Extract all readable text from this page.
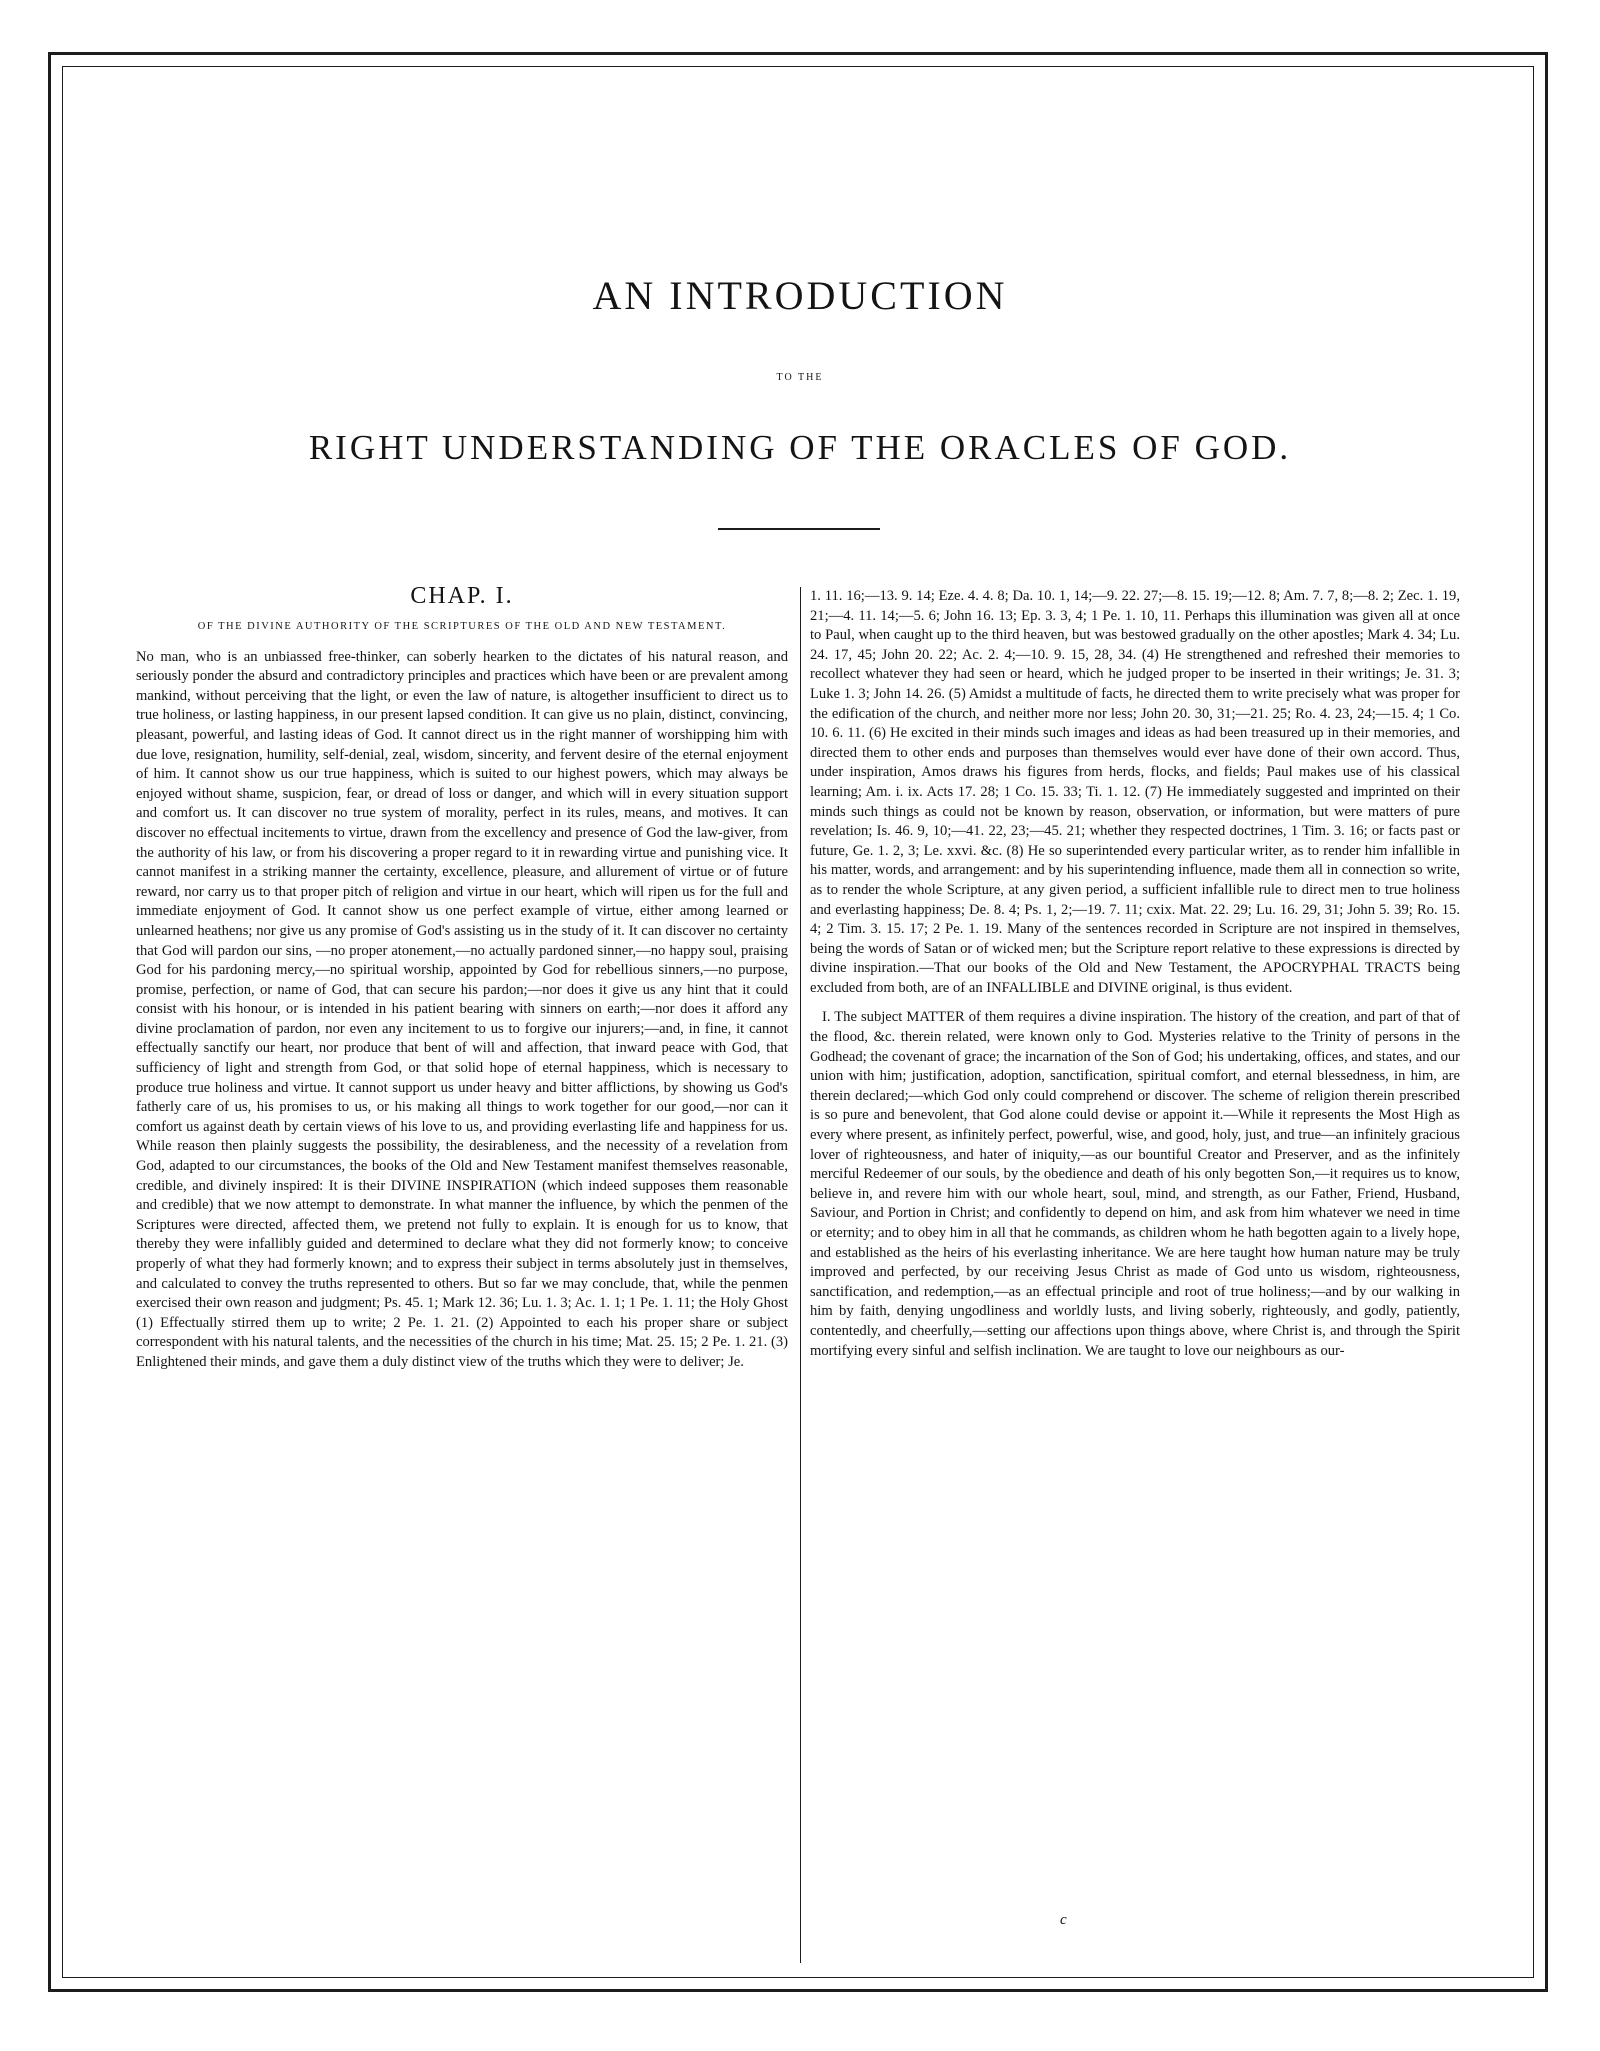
AN INTRODUCTION
TO THE
RIGHT UNDERSTANDING OF THE ORACLES OF GOD.
CHAP. I.
OF THE DIVINE AUTHORITY OF THE SCRIPTURES OF THE OLD AND NEW TESTAMENT.

No man, who is an unbiassed free-thinker, can soberly hearken to the dictates of his natural reason, and seriously ponder the absurd and contradictory principles and practices which have been or are prevalent among mankind, without perceiving that the light, or even the law of nature, is altogether insufficient to direct us to true holiness, or lasting happiness, in our present lapsed condition. It can give us no plain, distinct, convincing, pleasant, powerful, and lasting ideas of God. It cannot direct us in the right manner of worshipping him with due love, resignation, humility, self-denial, zeal, wisdom, sincerity, and fervent desire of the eternal enjoyment of him. It cannot show us our true happiness, which is suited to our highest powers, which may always be enjoyed without shame, suspicion, fear, or dread of loss or danger, and which will in every situation support and comfort us. It can discover no true system of morality, perfect in its rules, means, and motives. It can discover no effectual incitements to virtue, drawn from the excellency and presence of God the law-giver, from the authority of his law, or from his discovering a proper regard to it in rewarding virtue and punishing vice. It cannot manifest in a striking manner the certainty, excellence, pleasure, and allurement of virtue or of future reward, nor carry us to that proper pitch of religion and virtue in our heart, which will ripen us for the full and immediate enjoyment of God. It cannot show us one perfect example of virtue, either among learned or unlearned heathens; nor give us any promise of God's assisting us in the study of it. It can discover no certainty that God will pardon our sins, —no proper atonement,—no actually pardoned sinner,—no happy soul, praising God for his pardoning mercy,—no spiritual worship, appointed by God for rebellious sinners,—no purpose, promise, perfection, or name of God, that can secure his pardon;—nor does it give us any hint that it could consist with his honour, or is intended in his patient bearing with sinners on earth;—nor does it afford any divine proclamation of pardon, nor even any incitement to us to forgive our injurers;—and, in fine, it cannot effectually sanctify our heart, nor produce that bent of will and affection, that inward peace with God, that sufficiency of light and strength from God, or that solid hope of eternal happiness, which is necessary to produce true holiness and virtue. It cannot support us under heavy and bitter afflictions, by showing us God's fatherly care of us, his promises to us, or his making all things to work together for our good,—nor can it comfort us against death by certain views of his love to us, and providing everlasting life and happiness for us. While reason then plainly suggests the possibility, the desirableness, and the necessity of a revelation from God, adapted to our circumstances, the books of the Old and New Testament manifest themselves reasonable, credible, and divinely inspired: It is their DIVINE INSPIRATION (which indeed supposes them reasonable and credible) that we now attempt to demonstrate. In what manner the influence, by which the penmen of the Scriptures were directed, affected them, we pretend not fully to explain. It is enough for us to know, that thereby they were infallibly guided and determined to declare what they did not formerly know; to conceive properly of what they had formerly known; and to express their subject in terms absolutely just in themselves, and calculated to convey the truths represented to others. But so far we may conclude, that, while the penmen exercised their own reason and judgment; Ps. 45. 1; Mark 12. 36; Lu. 1. 3; Ac. 1. 1; 1 Pe. 1. 11; the Holy Ghost (1) Effectually stirred them up to write; 2 Pe. 1. 21. (2) Appointed to each his proper share or subject correspondent with his natural talents, and the necessities of the church in his time; Mat. 25. 15; 2 Pe. 1. 21. (3) Enlightened their minds, and gave them a duly distinct view of the truths which they were to deliver; Je.

1. 11. 16;—13. 9. 14; Eze. 4. 4. 8; Da. 10. 1, 14;—9. 22. 27;—8. 15. 19;—12. 8; Am. 7. 7, 8;—8. 2; Zec. 1. 19, 21;—4. 11. 14;—5. 6; John 16. 13; Ep. 3. 3, 4; 1 Pe. 1. 10, 11. Perhaps this illumination was given all at once to Paul, when caught up to the third heaven, but was bestowed gradually on the other apostles; Mark 4. 34; Lu. 24. 17, 45; John 20. 22; Ac. 2. 4;—10. 9. 15, 28, 34. (4) He strengthened and refreshed their memories to recollect whatever they had seen or heard, which he judged proper to be inserted in their writings; Je. 31. 3; Luke 1. 3; John 14. 26. (5) Amidst a multitude of facts, he directed them to write precisely what was proper for the edification of the church, and neither more nor less; John 20. 30, 31;—21. 25; Ro. 4. 23, 24;—15. 4; 1 Co. 10. 6. 11. (6) He excited in their minds such images and ideas as had been treasured up in their memories, and directed them to other ends and purposes than themselves would ever have done of their own accord. Thus, under inspiration, Amos draws his figures from herds, flocks, and fields; Paul makes use of his classical learning; Am. i. ix. Acts 17. 28; 1 Co. 15. 33; Ti. 1. 12. (7) He immediately suggested and imprinted on their minds such things as could not be known by reason, observation, or information, but were matters of pure revelation; Is. 46. 9, 10;—41. 22, 23;—45. 21; whether they respected doctrines, 1 Tim. 3. 16; or facts past or future, Ge. 1. 2, 3; Le. xxvi. &c. (8) He so superintended every particular writer, as to render him infallible in his matter, words, and arrangement: and by his superintending influence, made them all in connection so write, as to render the whole Scripture, at any given period, a sufficient infallible rule to direct men to true holiness and everlasting happiness; De. 8. 4; Ps. 1, 2;—19. 7. 11; cxix. Mat. 22. 29; Lu. 16. 29, 31; John 5. 39; Ro. 15. 4; 2 Tim. 3. 15. 17; 2 Pe. 1. 19. Many of the sentences recorded in Scripture are not inspired in themselves, being the words of Satan or of wicked men; but the Scripture report relative to these expressions is directed by divine inspiration.—That our books of the Old and New Testament, the APOCRYPHAL TRACTS being excluded from both, are of an INFALLIBLE and DIVINE original, is thus evident.

I. The subject MATTER of them requires a divine inspiration. The history of the creation, and part of that of the flood, &c. therein related, were known only to God. Mysteries relative to the Trinity of persons in the Godhead; the covenant of grace; the incarnation of the Son of God; his undertaking, offices, and states, and our union with him; justification, adoption, sanctification, spiritual comfort, and eternal blessedness, in him, are therein declared;—which God only could comprehend or discover. The scheme of religion therein prescribed is so pure and benevolent, that God alone could devise or appoint it.—While it represents the Most High as every where present, as infinitely perfect, powerful, wise, and good, holy, just, and true—an infinitely gracious lover of righteousness, and hater of iniquity,—as our bountiful Creator and Preserver, and as the infinitely merciful Redeemer of our souls, by the obedience and death of his only begotten Son,—it requires us to know, believe in, and revere him with our whole heart, soul, mind, and strength, as our Father, Friend, Husband, Saviour, and Portion in Christ; and confidently to depend on him, and ask from him whatever we need in time or eternity; and to obey him in all that he commands, as children whom he hath begotten again to a lively hope, and established as the heirs of his everlasting inheritance. We are here taught how human nature may be truly improved and perfected, by our receiving Jesus Christ as made of God unto us wisdom, righteousness, sanctification, and redemption,—as an effectual principle and root of true holiness;—and by our walking in him by faith, denying ungodliness and worldly lusts, and living soberly, righteously, and godly, patiently, contentedly, and cheerfully,—setting our affections upon things above, where Christ is, and through the Spirit mortifying every sinful and selfish inclination. We are taught to love our neighbours as our-

c
